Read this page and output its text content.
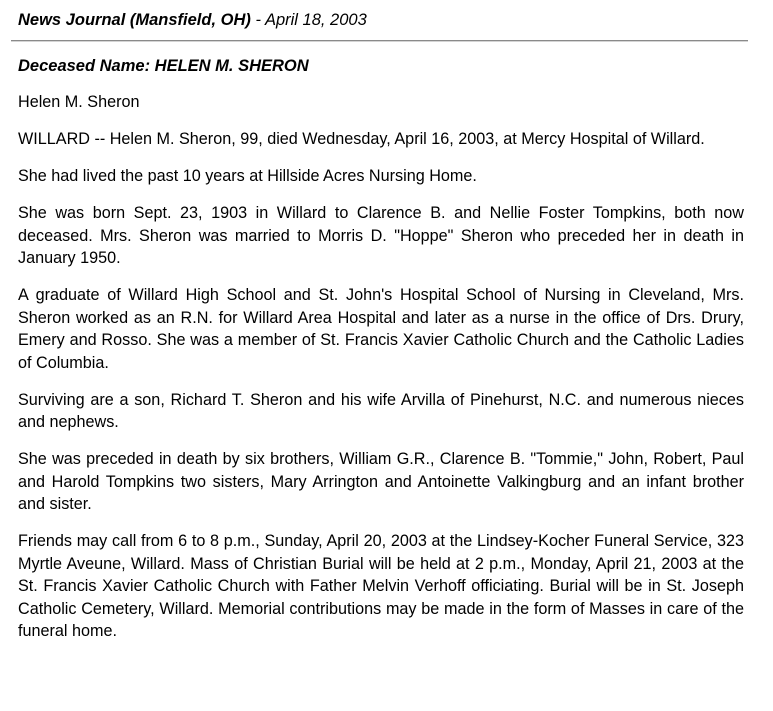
News Journal (Mansfield, OH) - April 18, 2003
Deceased Name: HELEN M. SHERON

Helen M. Sheron

WILLARD -- Helen M. Sheron, 99, died Wednesday, April 16, 2003, at Mercy Hospital of Willard.

She had lived the past 10 years at Hillside Acres Nursing Home.

She was born Sept. 23, 1903 in Willard to Clarence B. and Nellie Foster Tompkins, both now deceased. Mrs. Sheron was married to Morris D. "Hoppe" Sheron who preceded her in death in January 1950.

A graduate of Willard High School and St. John's Hospital School of Nursing in Cleveland, Mrs. Sheron worked as an R.N. for Willard Area Hospital and later as a nurse in the office of Drs. Drury, Emery and Rosso. She was a member of St. Francis Xavier Catholic Church and the Catholic Ladies of Columbia.

Surviving are a son, Richard T. Sheron and his wife Arvilla of Pinehurst, N.C. and numerous nieces and nephews.

She was preceded in death by six brothers, William G.R., Clarence B. "Tommie," John, Robert, Paul and Harold Tompkins two sisters, Mary Arrington and Antoinette Valkingburg and an infant brother and sister.

Friends may call from 6 to 8 p.m., Sunday, April 20, 2003 at the Lindsey-Kocher Funeral Service, 323 Myrtle Aveune, Willard. Mass of Christian Burial will be held at 2 p.m., Monday, April 21, 2003 at the St. Francis Xavier Catholic Church with Father Melvin Verhoff officiating. Burial will be in St. Joseph Catholic Cemetery, Willard. Memorial contributions may be made in the form of Masses in care of the funeral home.
